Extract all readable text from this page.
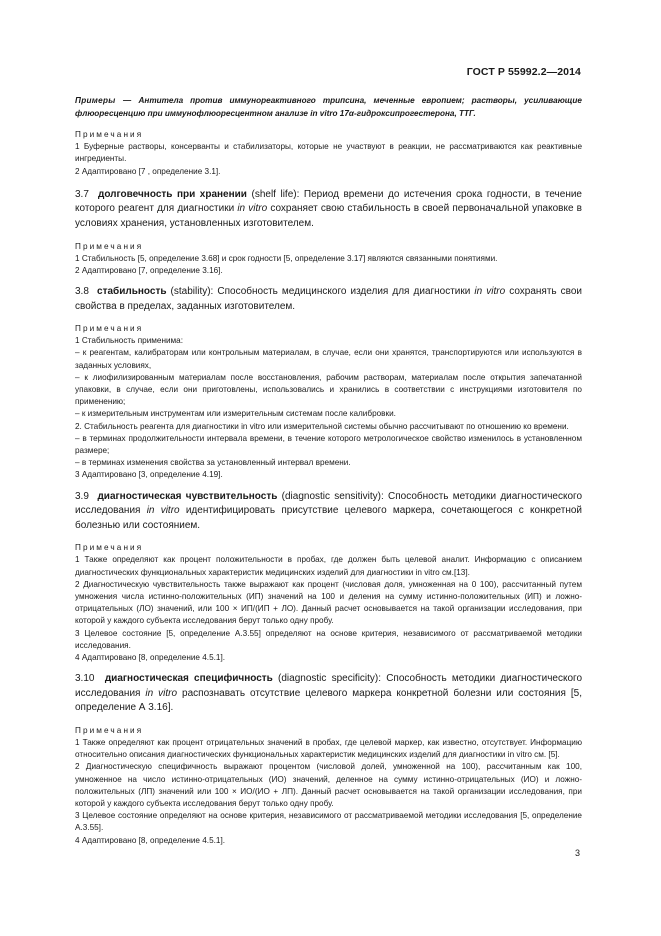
ГОСТ Р 55992.2—2014

Примеры — Антитела против иммунореактивного трипсина, меченные европием; растворы, усиливающие флюоресценцию при иммунофлюоресцентном анализе in vitro 17α-гидроксипрогестерона, ТТГ.

Примечания

1 Буферные растворы, консерванты и стабилизаторы, которые не участвуют в реакции, не рассматриваются как реактивные ингредиенты.

2 Адаптировано [7 , определение 3.1].

3.7 долговечность при хранении (shelf life): Период времени до истечения срока годности, в течение которого реагент для диагностики in vitro сохраняет свою стабильность в своей первоначальной упаковке в условиях хранения, установленных изготовителем.

Примечания

1 Стабильность [5, определение 3.68] и срок годности [5, определение 3.17] являются связанными понятиями.

2 Адаптировано [7, определение 3.16].

3.8 стабильность (stability): Способность медицинского изделия для диагностики in vitro сохранять свои свойства в пределах, заданных изготовителем.

Примечания

1 Стабильность применима:

– к реагентам, калибраторам или контрольным материалам, в случае, если они хранятся, транспортируются или используются в заданных условиях,

– к лиофилизированным материалам после восстановления, рабочим растворам, материалам после открытия запечатанной упаковки, в случае, если они приготовлены, использовались и хранились в соответствии с инструкциями изготовителя по применению;

– к измерительным инструментам или измерительным системам после калибровки.

2. Стабильность реагента для диагностики in vitro или измерительной системы обычно рассчитывают по отношению ко времени.

– в терминах продолжительности интервала времени, в течение которого метрологическое свойство изменилось в установленном размере;

– в терминах изменения свойства за установленный интервал времени.

3 Адаптировано [3, определение 4.19].

3.9 диагностическая чувствительность (diagnostic sensitivity): Способность методики диагностического исследования in vitro идентифицировать присутствие целевого маркера, сочетающегося с конкретной болезнью или состоянием.

Примечания

1 Также определяют как процент положительности в пробах, где должен быть целевой аналит. Информацию с описанием диагностических функциональных характеристик медицинских изделий для диагностики in vitro см.[13].

2 Диагностическую чувствительность также выражают как процент (числовая доля, умноженная на 0 100), рассчитанный путем умножения числа истинно-положительных (ИП) значений на 100 и деления на сумму истинно-положительных (ИП) и ложно-отрицательных (ЛО) значений, или 100 × ИП/(ИП + ЛО). Данный расчет основывается на такой организации исследования, при которой у каждого субъекта исследования берут только одну пробу.

3 Целевое состояние [5, определение А.3.55] определяют на основе критерия, независимого от рассматриваемой методики исследования.

4 Адаптировано [8, определение 4.5.1].

3.10 диагностическая специфичность (diagnostic specificity): Способность методики диагностического исследования in vitro распознавать отсутствие целевого маркера конкретной болезни или состояния [5, определение А 3.16].

Примечания

1 Также определяют как процент отрицательных значений в пробах, где целевой маркер, как известно, отсутствует. Информацию относительно описания диагностических функциональных характеристик медицинских изделий для диагностики in vitro см. [5].

2 Диагностическую специфичность выражают процентом (числовой долей, умноженной на 100), рассчитанным как 100, умноженное на число истинно-отрицательных (ИО) значений, деленное на сумму истинно-отрицательных (ИО) и ложно-положительных (ЛП) значений или 100 × ИО/(ИО + ЛП). Данный расчет основывается на такой организации исследования, при которой у каждого субъекта исследования берут только одну пробу.

3 Целевое состояние определяют на основе критерия, независимого от рассматриваемой методики исследования [5, определение А.3.55].

4 Адаптировано [8, определение 4.5.1].

3
